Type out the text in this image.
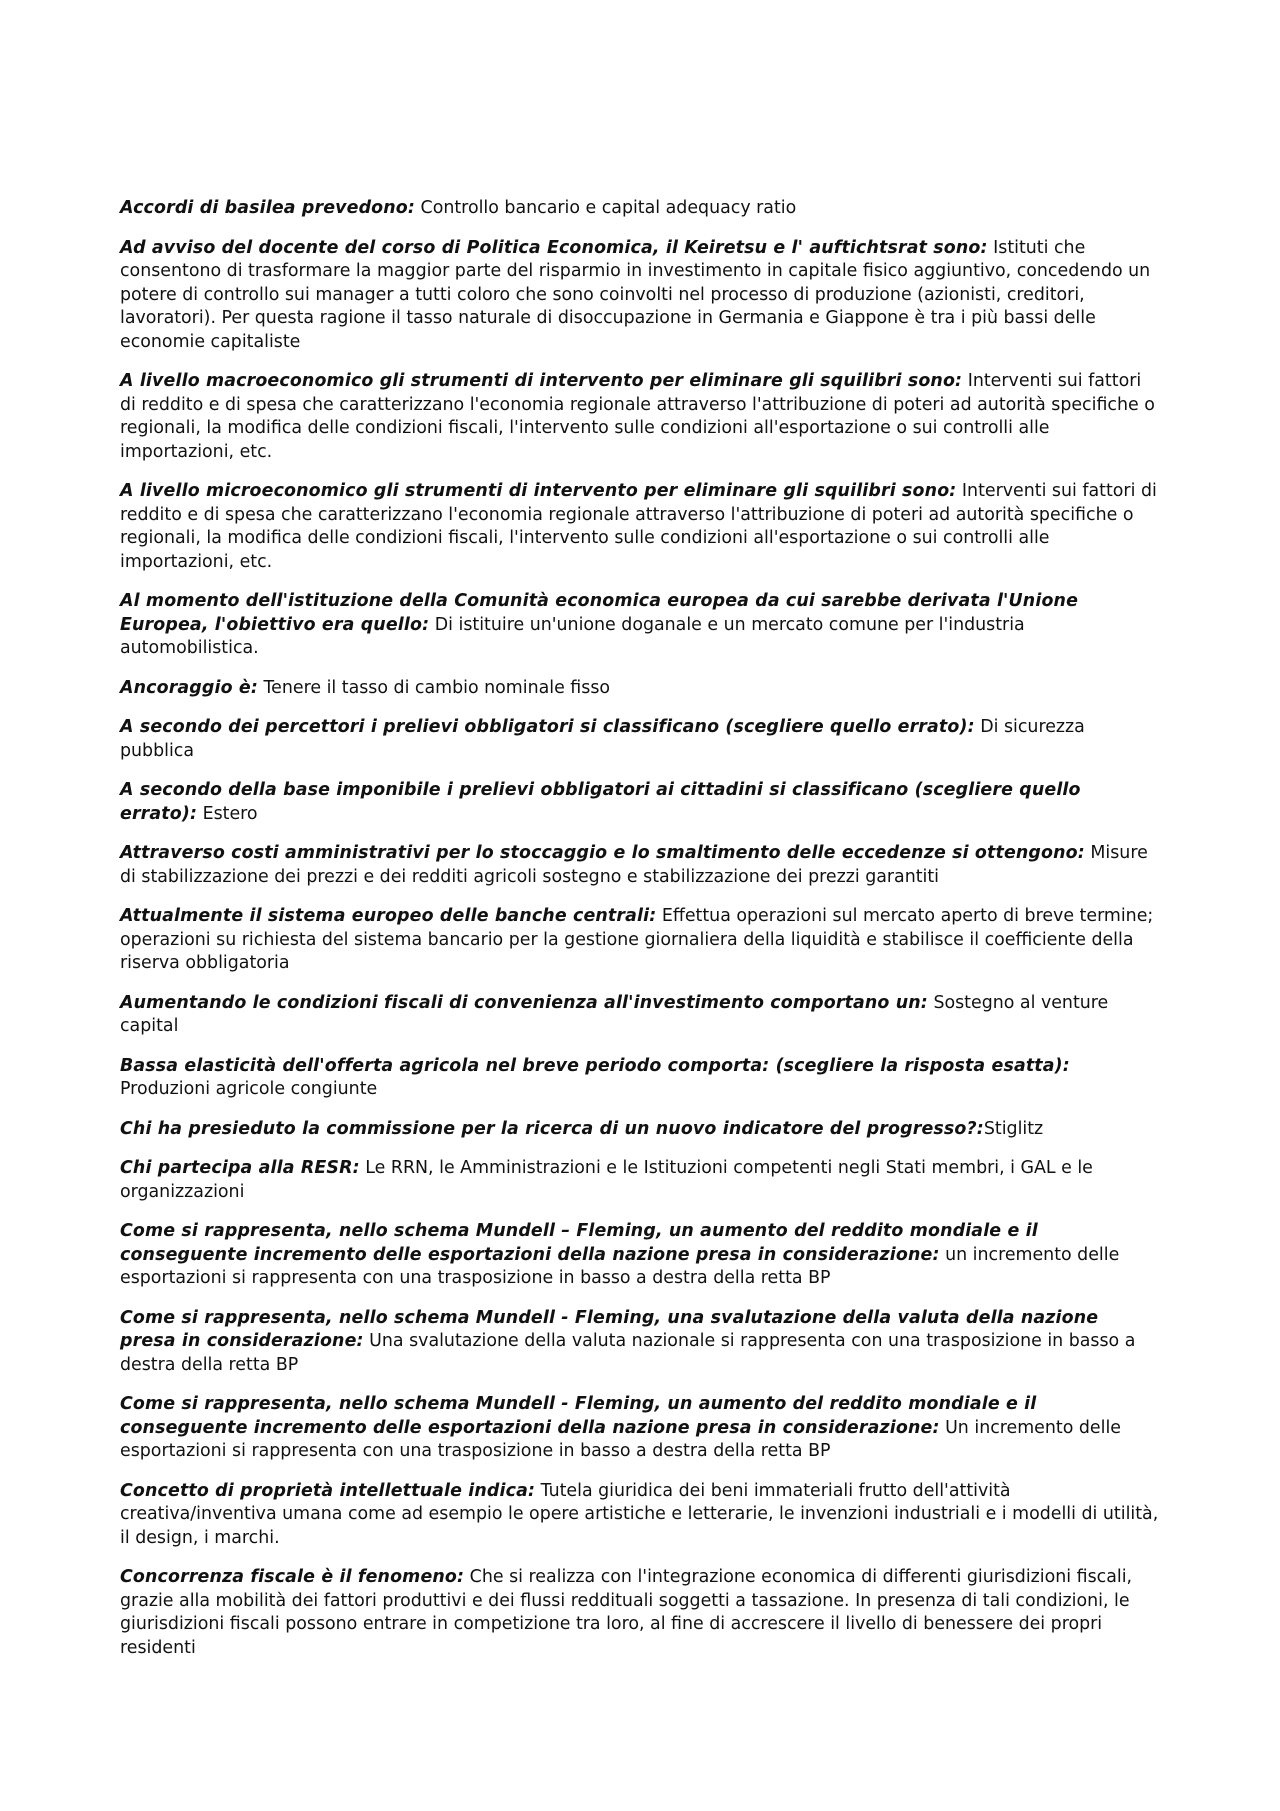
Accordi di basilea prevedono: Controllo bancario e capital adequacy ratio

Ad avviso del docente del corso di Politica Economica, il Keiretsu e l' auftichtsrat sono: Istituti che consentono di trasformare la maggior parte del risparmio in investimento in capitale fisico aggiuntivo, concedendo un potere di controllo sui manager a tutti coloro che sono coinvolti nel processo di produzione (azionisti, creditori, lavoratori). Per questa ragione il tasso naturale di disoccupazione in Germania e Giappone è tra i più bassi delle economie capitaliste

A livello macroeconomico gli strumenti di intervento per eliminare gli squilibri sono: Interventi sui fattori di reddito e di spesa che caratterizzano l'economia regionale attraverso l'attribuzione di poteri ad autorità specifiche o regionali, la modifica delle condizioni fiscali, l'intervento sulle condizioni all'esportazione o sui controlli alle importazioni, etc.

A livello microeconomico gli strumenti di intervento per eliminare gli squilibri sono: Interventi sui fattori di reddito e di spesa che caratterizzano l'economia regionale attraverso l'attribuzione di poteri ad autorità specifiche o regionali, la modifica delle condizioni fiscali, l'intervento sulle condizioni all'esportazione o sui controlli alle importazioni, etc.

Al momento dell'istituzione della Comunità economica europea da cui sarebbe derivata l'Unione Europea, l'obiettivo era quello: Di istituire un'unione doganale e un mercato comune per l'industria automobilistica.

Ancoraggio è: Tenere il tasso di cambio nominale fisso

A secondo dei percettori i prelievi obbligatori si classificano (scegliere quello errato): Di sicurezza pubblica

A secondo della base imponibile i prelievi obbligatori ai cittadini si classificano (scegliere quello errato): Estero

Attraverso costi amministrativi per lo stoccaggio e lo smaltimento delle eccedenze si ottengono: Misure di stabilizzazione dei prezzi e dei redditi agricoli sostegno e stabilizzazione dei prezzi garantiti

Attualmente il sistema europeo delle banche centrali: Effettua operazioni sul mercato aperto di breve termine; operazioni su richiesta del sistema bancario per la gestione giornaliera della liquidità e stabilisce il coefficiente della riserva obbligatoria

Aumentando le condizioni fiscali di convenienza all'investimento comportano un: Sostegno al venture capital

Bassa elasticità dell'offerta agricola nel breve periodo comporta: (scegliere la risposta esatta): Produzioni agricole congiunte

Chi ha presieduto la commissione per la ricerca di un nuovo indicatore del progresso?:Stiglitz

Chi partecipa alla RESR: Le RRN, le Amministrazioni e le Istituzioni competenti negli Stati membri, i GAL e le organizzazioni

Come si rappresenta, nello schema Mundell – Fleming, un aumento del reddito mondiale e il conseguente incremento delle esportazioni della nazione presa in considerazione: un incremento delle esportazioni si rappresenta con una trasposizione in basso a destra della retta BP

Come si rappresenta, nello schema Mundell - Fleming, una svalutazione della valuta della nazione presa in considerazione: Una svalutazione della valuta nazionale si rappresenta con una trasposizione in basso a destra della retta BP

Come si rappresenta, nello schema Mundell - Fleming, un aumento del reddito mondiale e il conseguente incremento delle esportazioni della nazione presa in considerazione: Un incremento delle esportazioni si rappresenta con una trasposizione in basso a destra della retta BP

Concetto di proprietà intellettuale indica: Tutela giuridica dei beni immateriali frutto dell'attività creativa/inventiva umana come ad esempio le opere artistiche e letterarie, le invenzioni industriali e i modelli di utilità, il design, i marchi.

Concorrenza fiscale è il fenomeno: Che si realizza con l'integrazione economica di differenti giurisdizioni fiscali, grazie alla mobilità dei fattori produttivi e dei flussi reddituali soggetti a tassazione. In presenza di tali condizioni, le giurisdizioni fiscali possono entrare in competizione tra loro, al fine di accrescere il livello di benessere dei propri residenti
